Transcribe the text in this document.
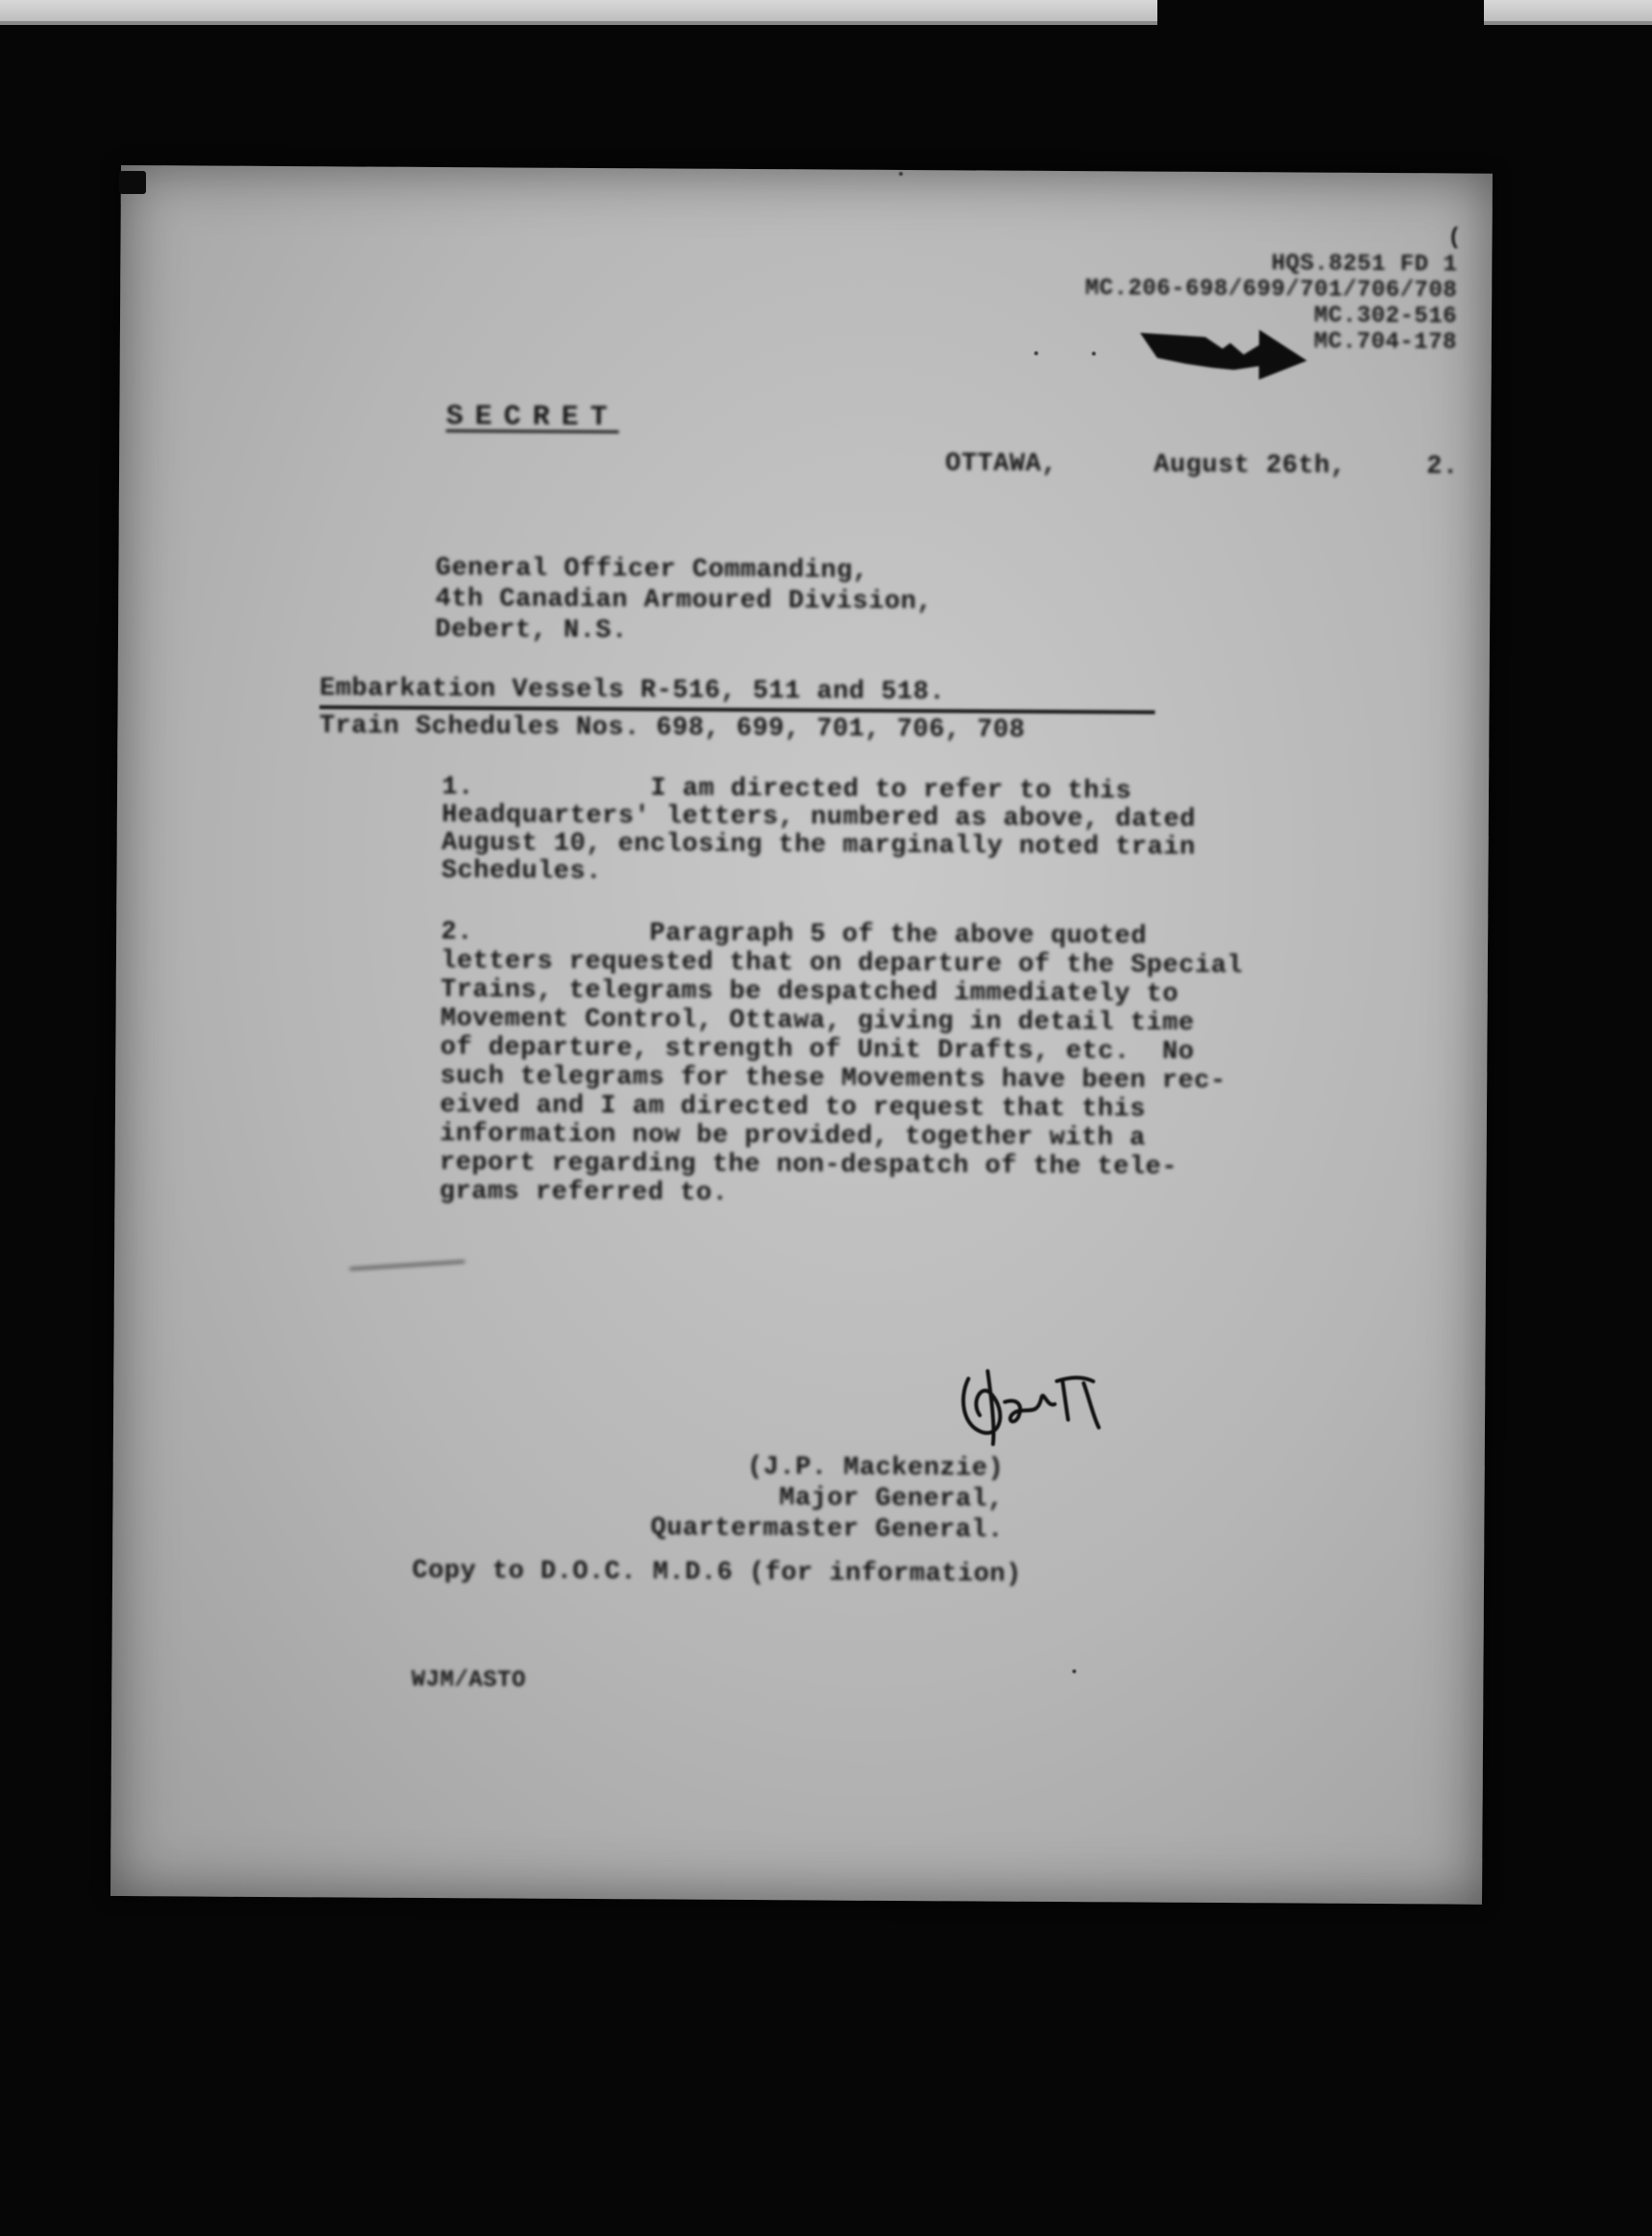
(
HQS.8251 FD 1
MC.206-698/699/701/706/708
MC.302-516
MC.704-178
SECRET
OTTAWA,      August 26th,     2.
General Officer Commanding,
4th Canadian Armoured Division,
Debert, N.S.
Embarkation Vessels R-516, 511 and 518.
Train Schedules Nos. 698, 699, 701, 706, 708
1.           I am directed to refer to this
Headquarters' letters, numbered as above, dated
August 10, enclosing the marginally noted train
Schedules.
2.           Paragraph 5 of the above quoted
letters requested that on departure of the Special
Trains, telegrams be despatched immediately to
Movement Control, Ottawa, giving in detail time
of departure, strength of Unit Drafts, etc.  No
such telegrams for these Movements have been rec-
eived and I am directed to request that this
information now be provided, together with a
report regarding the non-despatch of the tele-
grams referred to.
(J.P. Mackenzie)
Major General,
Quartermaster General.
Copy to D.O.C. M.D.6 (for information)
WJM/ASTO
